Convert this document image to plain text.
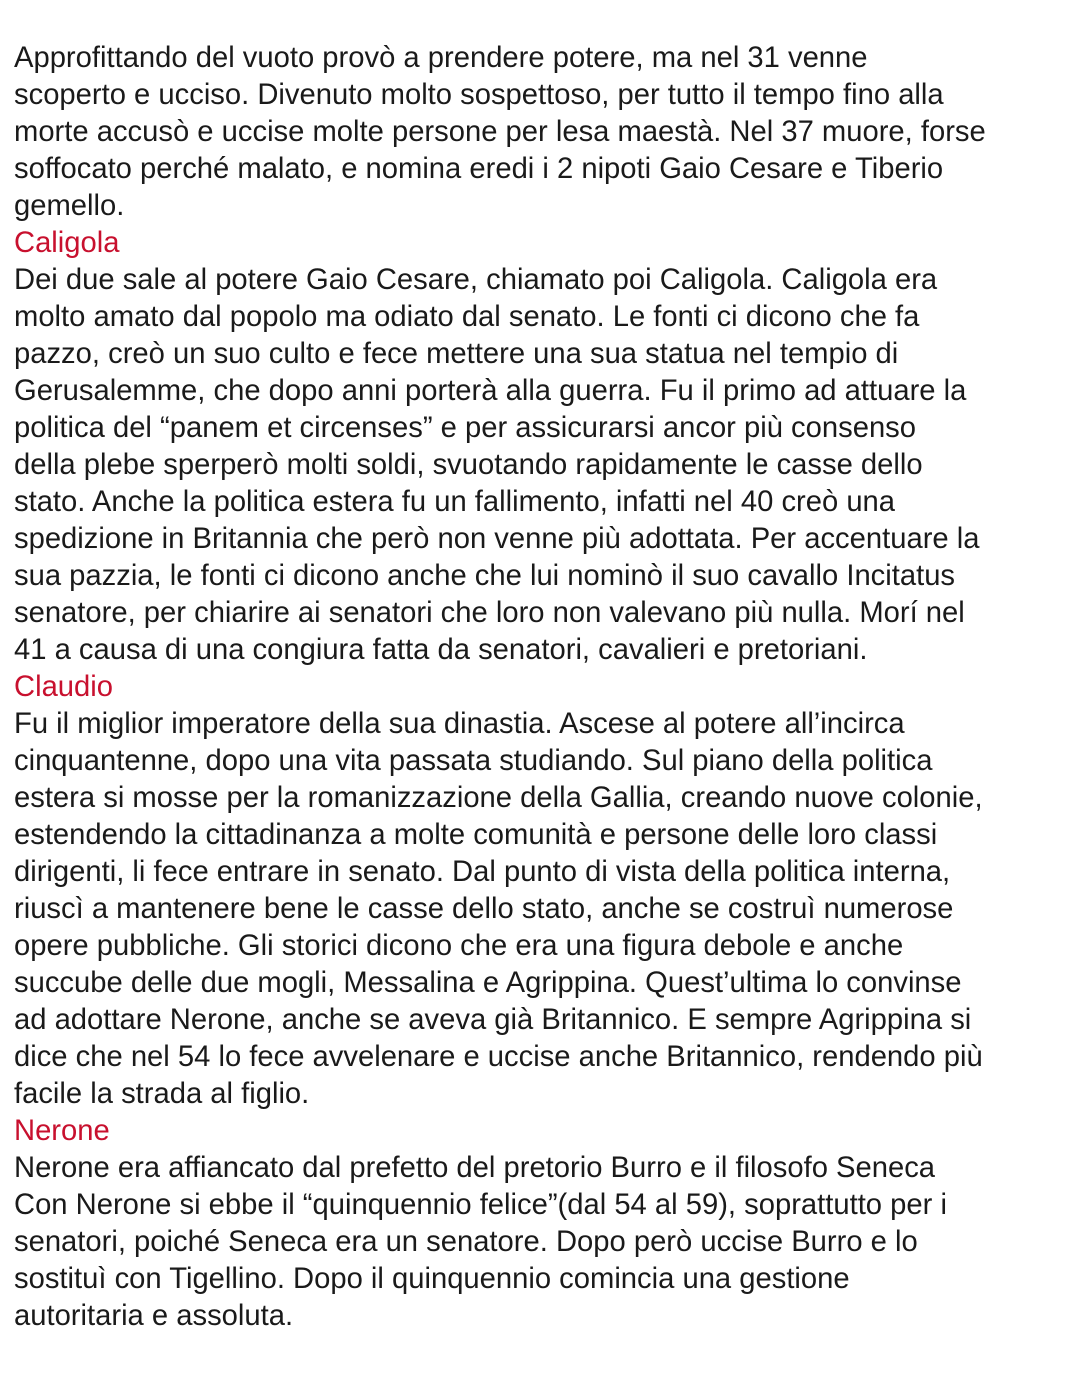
Approfittando del vuoto provò a prendere potere, ma nel 31 venne
scoperto e ucciso. Divenuto molto sospettoso, per tutto il tempo fino alla
morte accusò e uccise molte persone per lesa maestà. Nel 37 muore, forse
soffocato perché malato, e nomina eredi i 2 nipoti Gaio Cesare e Tiberio
gemello.
Caligola
Dei due sale al potere Gaio Cesare, chiamato poi Caligola. Caligola era
molto amato dal popolo ma odiato dal senato. Le fonti ci dicono che fa
pazzo, creò un suo culto e fece mettere una sua statua nel tempio di
Gerusalemme, che dopo anni porterà alla guerra. Fu il primo ad attuare la
politica del “panem et circenses” e per assicurarsi ancor più consenso
della plebe sperperò molti soldi, svuotando rapidamente le casse dello
stato. Anche la politica estera fu un fallimento, infatti nel 40 creò una
spedizione in Britannia che però non venne più adottata. Per accentuare la
sua pazzia, le fonti ci dicono anche che lui nominò il suo cavallo Incitatus
senatore, per chiarire ai senatori che loro non valevano più nulla. Morí nel
41 a causa di una congiura fatta da senatori, cavalieri e pretoriani.
Claudio
Fu il miglior imperatore della sua dinastia. Ascese al potere all’incirca
cinquantenne, dopo una vita passata studiando. Sul piano della politica
estera si mosse per la romanizzazione della Gallia, creando nuove colonie,
estendendo la cittadinanza a molte comunità e persone delle loro classi
dirigenti, li fece entrare in senato. Dal punto di vista della politica interna,
riuscì a mantenere bene le casse dello stato, anche se costruì numerose
opere pubbliche. Gli storici dicono che era una figura debole e anche
succube delle due mogli, Messalina e Agrippina. Quest’ultima lo convinse
ad adottare Nerone, anche se aveva già Britannico. E sempre Agrippina si
dice che nel 54 lo fece avvelenare e uccise anche Britannico, rendendo più
facile la strada al figlio.
Nerone
Nerone era affiancato dal prefetto del pretorio Burro e il filosofo Seneca
Con Nerone si ebbe il “quinquennio felice”(dal 54 al 59), soprattutto per i
senatori, poiché Seneca era un senatore. Dopo però uccise Burro e lo
sostituì con Tigellino. Dopo il quinquennio comincia una gestione
autoritaria e assoluta.
